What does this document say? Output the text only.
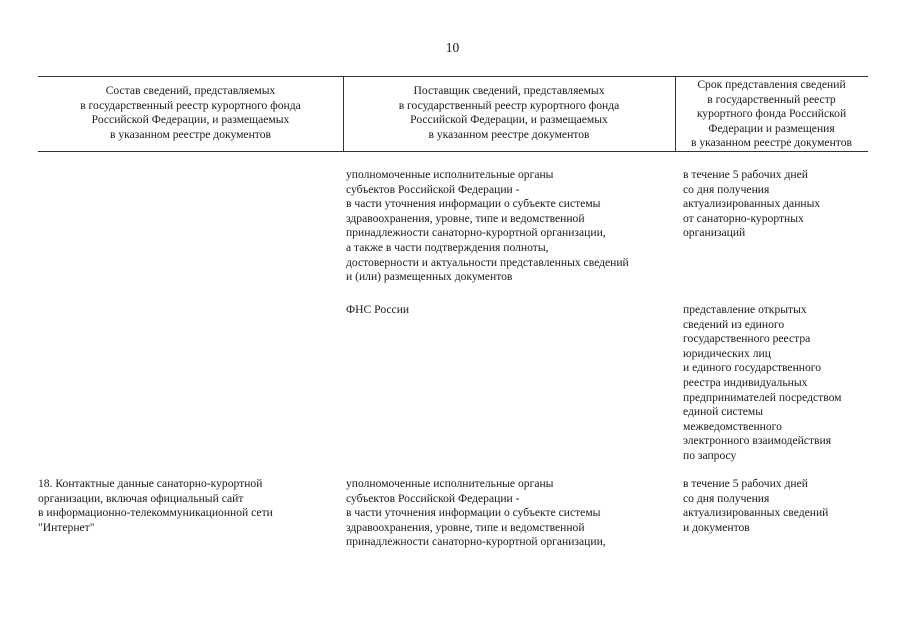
10
Состав сведений, представляемых
в государственный реестр курортного фонда
Российской Федерации, и размещаемых
в указанном реестре документов
Поставщик сведений, представляемых
в государственный реестр курортного фонда
Российской Федерации, и размещаемых
в указанном реестре документов
Срок представления сведений
в государственный реестр
курортного фонда Российской
Федерации и размещения
в указанном реестре документов
уполномоченные исполнительные органы
субъектов Российской Федерации -
в части уточнения информации о субъекте системы
здравоохранения, уровне, типе и ведомственной
принадлежности санаторно-курортной организации,
а также в части подтверждения полноты,
достоверности и актуальности представленных сведений
и (или) размещенных документов
в течение 5 рабочих дней
со дня получения
актуализированных данных
от санаторно-курортных
организаций
ФНС России	представление открытых
сведений из единого
государственного реестра
юридических лиц
и единого государственного
реестра индивидуальных
предпринимателей посредством
единой системы
межведомственного
электронного взаимодействия
по запросу
18. Контактные данные санаторно-курортной
организации, включая официальный сайт
в информационно-телекоммуникационной сети
"Интернет"
уполномоченные исполнительные органы
субъектов Российской Федерации -
в части уточнения информации о субъекте системы
здравоохранения, уровне, типе и ведомственной
принадлежности санаторно-курортной организации,
в течение 5 рабочих дней
со дня получения
актуализированных сведений
и документов
